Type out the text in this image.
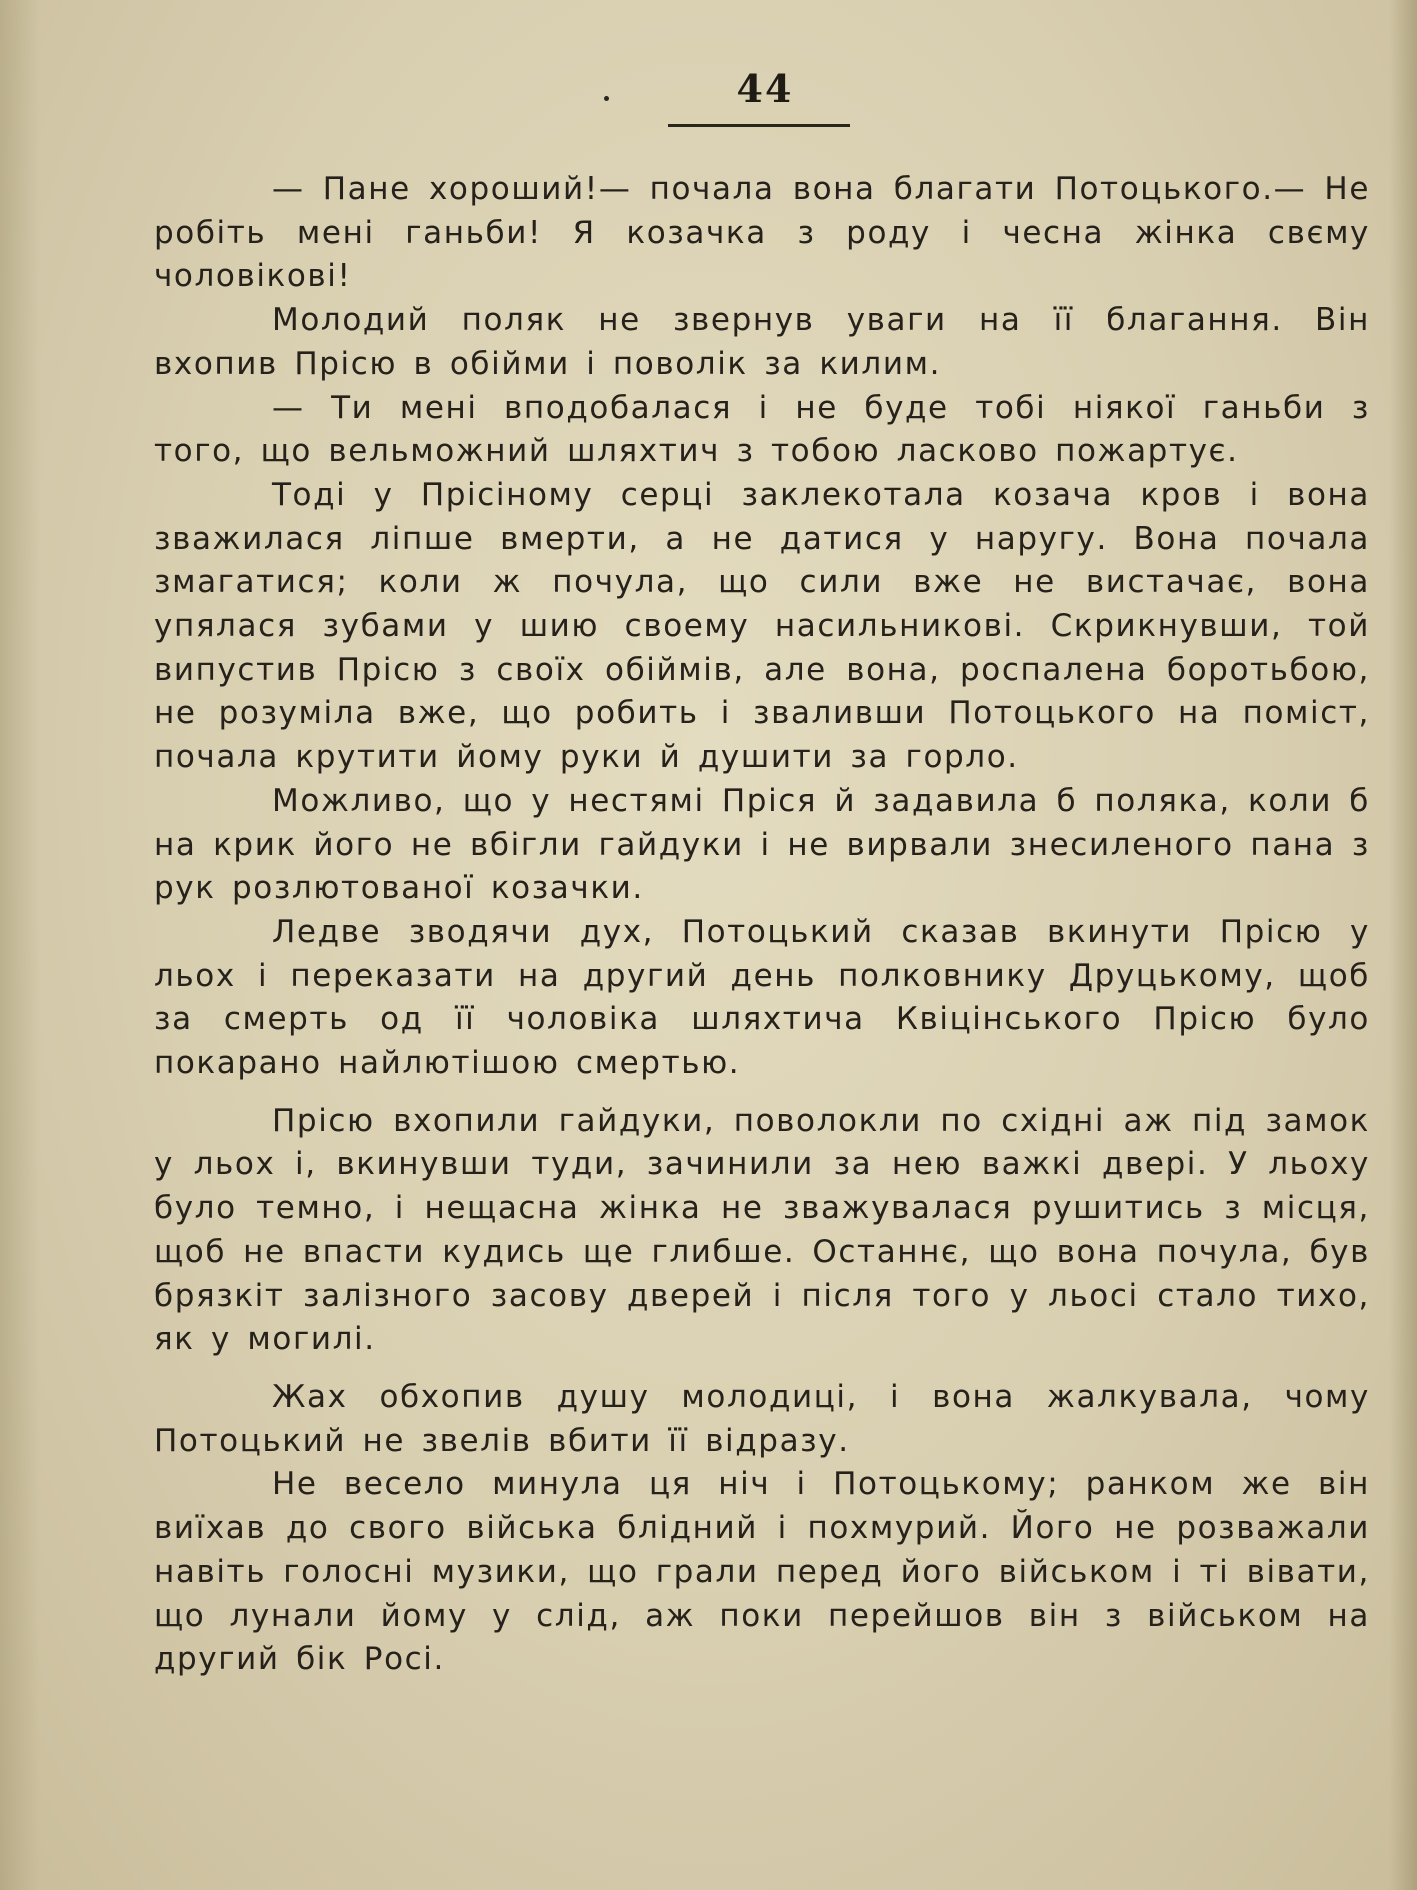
44

— Пане хороший!— почала вона благати Потоцького.— Не робіть мені ганьби! Я козачка з роду і чесна жінка свєму чоловікові!

Молодий поляк не звернув уваги на її благання. Він вхопив Прісю в обійми і поволік за килим.

— Ти мені вподобалася і не буде тобі ніякої ганьби з того, що вельможний шляхтич з тобою ласково пожартує.

Тоді у Прісіному серці заклекотала козача кров і вона зважилася ліпше вмерти, а не датися у наругу. Вона почала змагатися; коли ж почула, що сили вже не вистачає, вона упялася зубами у шию своему насильникові. Скрикнувши, той випустив Прісю з своїх обіймів, але вона, роспалена боротьбою, не розуміла вже, що робить і зваливши Потоцького на поміст, почала крутити йому руки й душити за горло.

Можливо, що у нестямі Пріся й задавила б поляка, коли б на крик його не вбігли гайдуки і не вирвали знесиленого пана з рук розлютованої козачки.

Ледве зводячи дух, Потоцький сказав вкинути Прісю у льох і переказати на другий день полковнику Друцькому, щоб за смерть од її чоловіка шляхтича Квіцінського Прісю було покарано найлютішою смертью.

Прісю вхопили гайдуки, поволокли по східні аж під замок у льох і, вкинувши туди, зачинили за нею важкі двері. У льоху було темно, і нещасна жінка не зважувалася рушитись з місця, щоб не впасти кудись ще глибше. Останнє, що вона почула, був брязкіт залізного засову дверей і після того у льосі стало тихо, як у могилі.

Жах обхопив душу молодиці, і вона жалкувала, чому Потоцький не звелів вбити її відразу.

Не весело минула ця ніч і Потоцькому; ранком же він виїхав до свого війська блідний і похмурий. Його не розважали навіть голосні музики, що грали перед його військом і ті вівати, що лунали йому у слід, аж поки перейшов він з військом на другий бік Росі.
